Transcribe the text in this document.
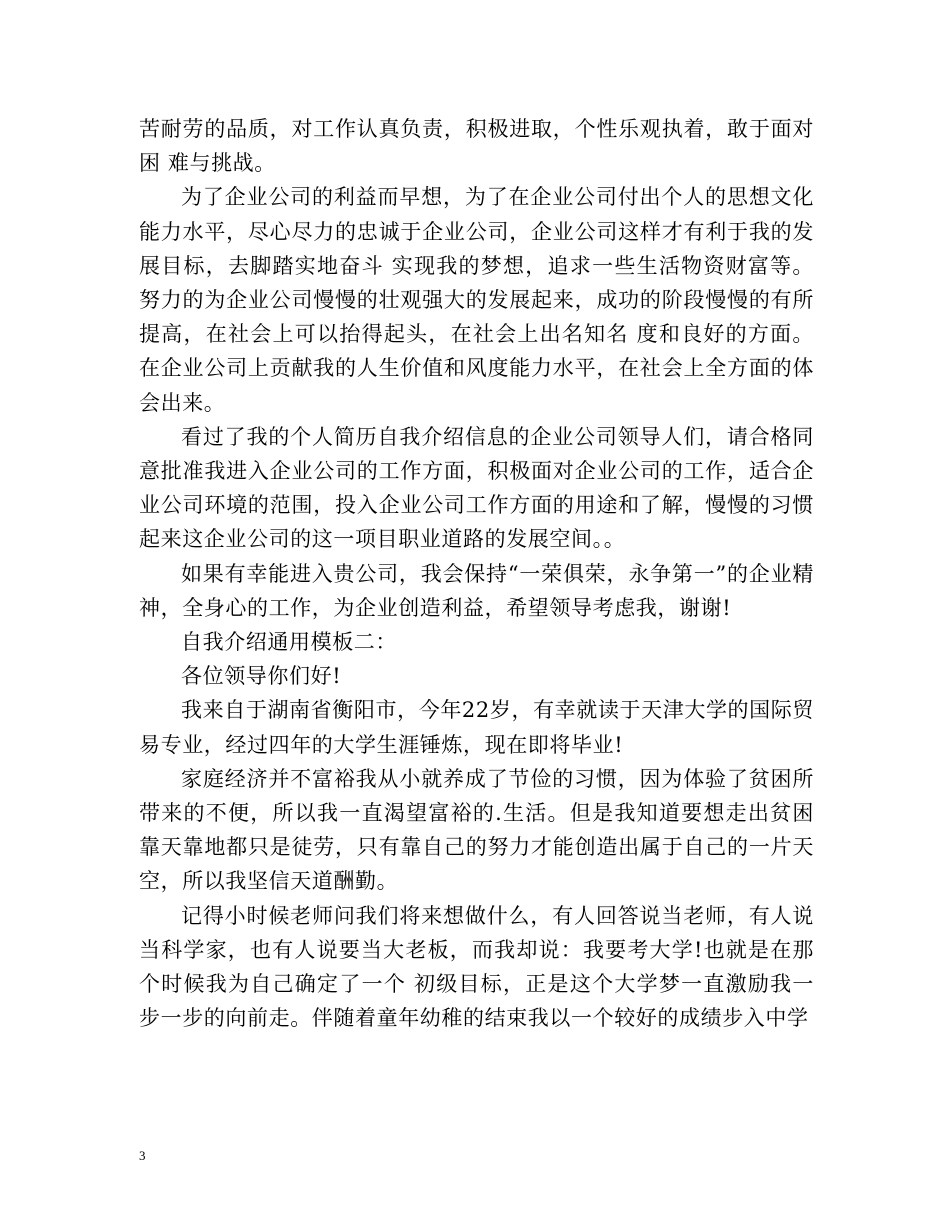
苦耐劳的品质，对工作认真负责，积极进取，个性乐观执着，敢于面对困 难与挑战。

为了企业公司的利益而早想，为了在企业公司付出个人的思想文化能力水平，尽心尽力的忠诚于企业公司，企业公司这样才有利于我的发展目标，去脚踏实地奋斗 实现我的梦想，追求一些生活物资财富等。努力的为企业公司慢慢的壮观强大的发展起来，成功的阶段慢慢的有所提高，在社会上可以抬得起头，在社会上出名知名 度和良好的方面。在企业公司上贡献我的人生价值和风度能力水平，在社会上全方面的体会出来。

看过了我的个人简历自我介绍信息的企业公司领导人们，请合格同意批准我进入企业公司的工作方面，积极面对企业公司的工作，适合企业公司环境的范围，投入企业公司工作方面的用途和了解，慢慢的习惯起来这企业公司的这一项目职业道路的发展空间。。

如果有幸能进入贵公司，我会保持“一荣俱荣，永争第一”的企业精神，全身心的工作，为企业创造利益，希望领导考虑我，谢谢!

自我介绍通用模板二：

各位领导你们好!

我来自于湖南省衡阳市，今年22岁，有幸就读于天津大学的国际贸易专业，经过四年的大学生涯锤炼，现在即将毕业!

家庭经济并不富裕我从小就养成了节俭的习惯，因为体验了贫困所带来的不便，所以我一直渴望富裕的.生活。但是我知道要想走出贫困靠天靠地都只是徒劳，只有靠自己的努力才能创造出属于自己的一片天空，所以我坚信天道酬勤。

记得小时候老师问我们将来想做什么，有人回答说当老师，有人说当科学家，也有人说要当大老板，而我却说：我要考大学!也就是在那个时候我为自己确定了一个 初级目标，正是这个大学梦一直激励我一步一步的向前走。伴随着童年幼稚的结束我以一个较好的成绩步入中学

3
